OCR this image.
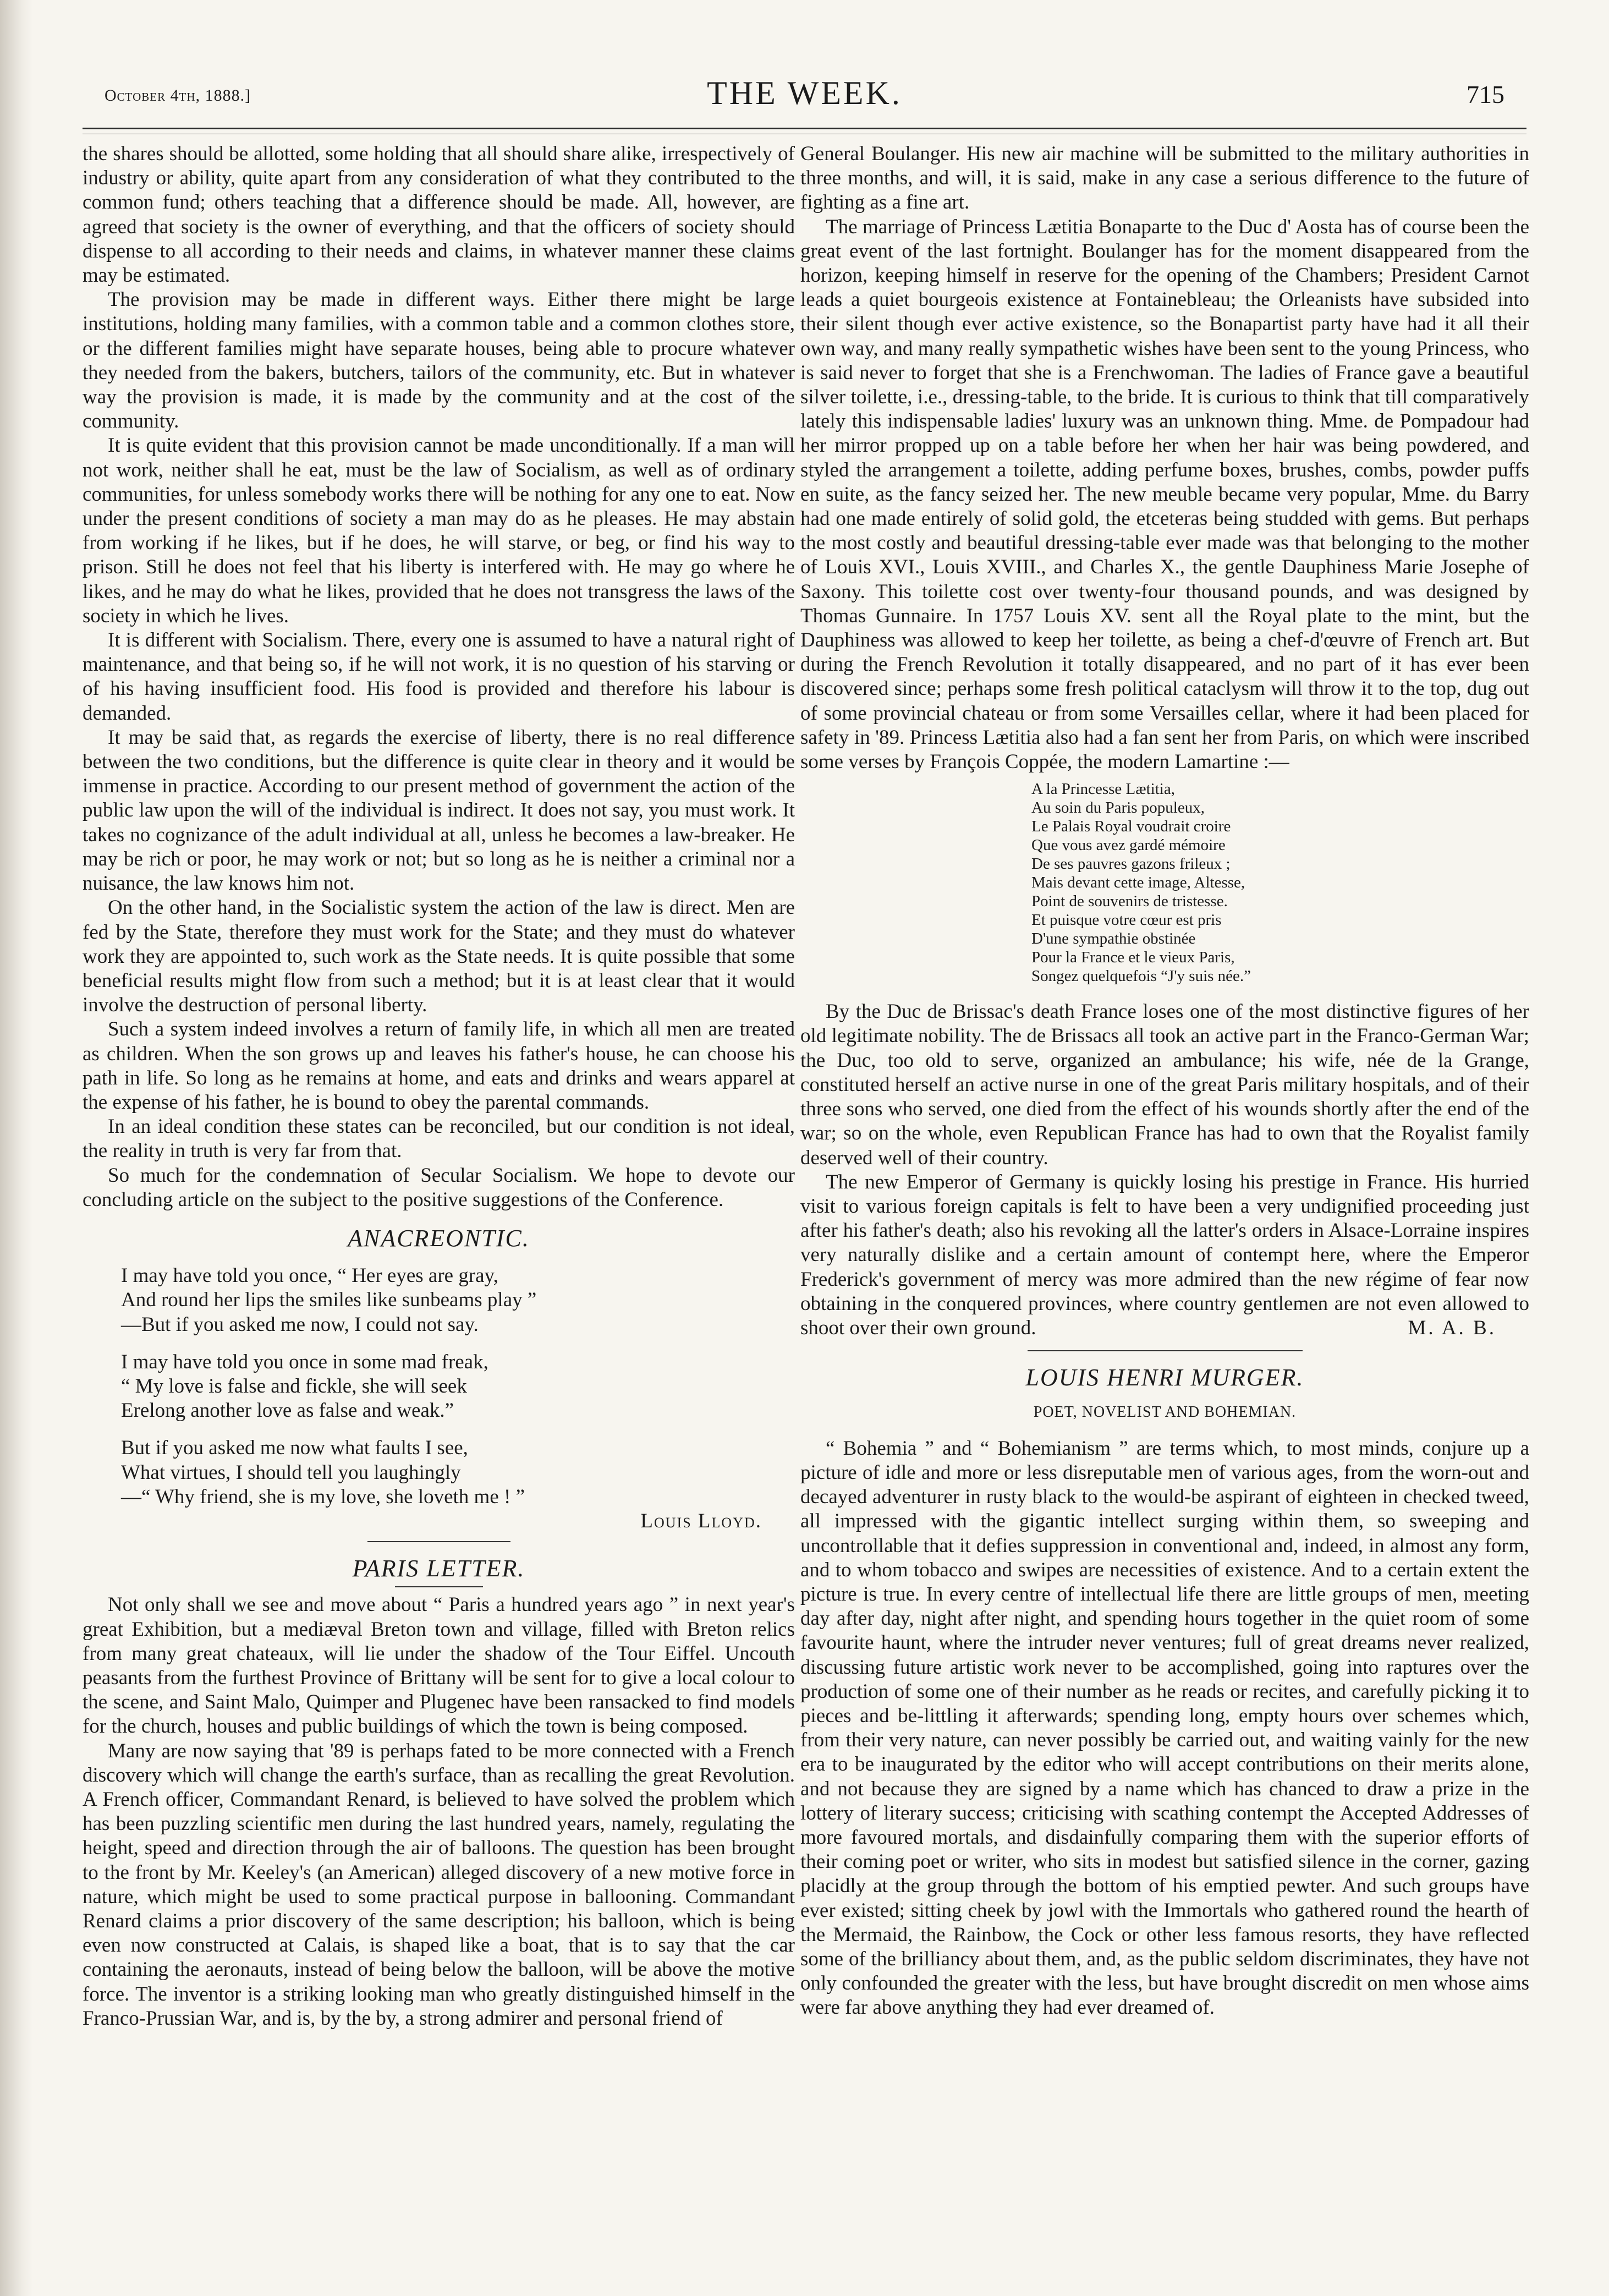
October 4th, 1888.]	THE WEEK.	715

the shares should be allotted, some holding that all should share alike, irrespectively of industry or ability, quite apart from any consideration of what they contributed to the common fund; others teaching that a difference should be made. All, however, are agreed that society is the owner of everything, and that the officers of society should dispense to all according to their needs and claims, in whatever manner these claims may be estimated.

The provision may be made in different ways. Either there might be large institutions, holding many families, with a common table and a common clothes store, or the different families might have separate houses, being able to procure whatever they needed from the bakers, butchers, tailors of the community, etc. But in whatever way the provision is made, it is made by the community and at the cost of the community.

It is quite evident that this provision cannot be made unconditionally. If a man will not work, neither shall he eat, must be the law of Socialism, as well as of ordinary communities, for unless somebody works there will be nothing for any one to eat. Now under the present conditions of society a man may do as he pleases. He may abstain from working if he likes, but if he does, he will starve, or beg, or find his way to prison. Still he does not feel that his liberty is interfered with. He may go where he likes, and he may do what he likes, provided that he does not transgress the laws of the society in which he lives.

It is different with Socialism. There, every one is assumed to have a natural right of maintenance, and that being so, if he will not work, it is no question of his starving or of his having insufficient food. His food is provided and therefore his labour is demanded.

It may be said that, as regards the exercise of liberty, there is no real difference between the two conditions, but the difference is quite clear in theory and it would be immense in practice. According to our present method of government the action of the public law upon the will of the individual is indirect. It does not say, you must work. It takes no cognizance of the adult individual at all, unless he becomes a law-breaker. He may be rich or poor, he may work or not; but so long as he is neither a criminal nor a nuisance, the law knows him not.

On the other hand, in the Socialistic system the action of the law is direct. Men are fed by the State, therefore they must work for the State; and they must do whatever work they are appointed to, such work as the State needs. It is quite possible that some beneficial results might flow from such a method; but it is at least clear that it would involve the destruction of personal liberty.

Such a system indeed involves a return of family life, in which all men are treated as children. When the son grows up and leaves his father's house, he can choose his path in life. So long as he remains at home, and eats and drinks and wears apparel at the expense of his father, he is bound to obey the parental commands.

In an ideal condition these states can be reconciled, but our condition is not ideal, the reality in truth is very far from that.

So much for the condemnation of Secular Socialism. We hope to devote our concluding article on the subject to the positive suggestions of the Conference.

ANACREONTIC.
I may have told you once, “ Her eyes are gray,
And round her lips the smiles like sunbeams play ”
—But if you asked me now, I could not say.
I may have told you once in some mad freak,
“ My love is false and fickle, she will seek
Erelong another love as false and weak.”
But if you asked me now what faults I see,
What virtues, I should tell you laughingly
—“ Why friend, she is my love, she loveth me ! ”
Louis Lloyd.
PARIS LETTER.

Not only shall we see and move about “ Paris a hundred years ago ” in next year's great Exhibition, but a mediæval Breton town and village, filled with Breton relics from many great chateaux, will lie under the shadow of the Tour Eiffel. Uncouth peasants from the furthest Province of Brittany will be sent for to give a local colour to the scene, and Saint Malo, Quimper and Plugenec have been ransacked to find models for the church, houses and public buildings of which the town is being composed.

Many are now saying that '89 is perhaps fated to be more connected with a French discovery which will change the earth's surface, than as recalling the great Revolution. A French officer, Commandant Renard, is believed to have solved the problem which has been puzzling scientific men during the last hundred years, namely, regulating the height, speed and direction through the air of balloons. The question has been brought to the front by Mr. Keeley's (an American) alleged discovery of a new motive force in nature, which might be used to some practical purpose in ballooning. Commandant Renard claims a prior discovery of the same description; his balloon, which is being even now constructed at Calais, is shaped like a boat, that is to say that the car containing the aeronauts, instead of being below the balloon, will be above the motive force. The inventor is a striking looking man who greatly distinguished himself in the Franco-Prussian War, and is, by the by, a strong admirer and personal friend of

General Boulanger. His new air machine will be submitted to the military authorities in three months, and will, it is said, make in any case a serious difference to the future of fighting as a fine art.

The marriage of Princess Lætitia Bonaparte to the Duc d' Aosta has of course been the great event of the last fortnight. Boulanger has for the moment disappeared from the horizon, keeping himself in reserve for the opening of the Chambers; President Carnot leads a quiet bourgeois existence at Fontainebleau; the Orleanists have subsided into their silent though ever active existence, so the Bonapartist party have had it all their own way, and many really sympathetic wishes have been sent to the young Princess, who is said never to forget that she is a Frenchwoman. The ladies of France gave a beautiful silver toilette, i.e., dressing-table, to the bride. It is curious to think that till comparatively lately this indispensable ladies' luxury was an unknown thing. Mme. de Pompadour had her mirror propped up on a table before her when her hair was being powdered, and styled the arrangement a toilette, adding perfume boxes, brushes, combs, powder puffs en suite, as the fancy seized her. The new meuble became very popular, Mme. du Barry had one made entirely of solid gold, the etceteras being studded with gems. But perhaps the most costly and beautiful dressing-table ever made was that belonging to the mother of Louis XVI., Louis XVIII., and Charles X., the gentle Dauphiness Marie Josephe of Saxony. This toilette cost over twenty-four thousand pounds, and was designed by Thomas Gunnaire. In 1757 Louis XV. sent all the Royal plate to the mint, but the Dauphiness was allowed to keep her toilette, as being a chef-d'œuvre of French art. But during the French Revolution it totally disappeared, and no part of it has ever been discovered since; perhaps some fresh political cataclysm will throw it to the top, dug out of some provincial chateau or from some Versailles cellar, where it had been placed for safety in '89. Princess Lætitia also had a fan sent her from Paris, on which were inscribed some verses by François Coppée, the modern Lamartine :—

A la Princesse Lætitia,
Au soin du Paris populeux,
Le Palais Royal voudrait croire
Que vous avez gardé mémoire
De ses pauvres gazons frileux ;
Mais devant cette image, Altesse,
Point de souvenirs de tristesse.
Et puisque votre cœur est pris
D'une sympathie obstinée
Pour la France et le vieux Paris,
Songez quelquefois “J'y suis née.”

By the Duc de Brissac's death France loses one of the most distinctive figures of her old legitimate nobility. The de Brissacs all took an active part in the Franco-German War; the Duc, too old to serve, organized an ambulance; his wife, née de la Grange, constituted herself an active nurse in one of the great Paris military hospitals, and of their three sons who served, one died from the effect of his wounds shortly after the end of the war; so on the whole, even Republican France has had to own that the Royalist family deserved well of their country.

The new Emperor of Germany is quickly losing his prestige in France. His hurried visit to various foreign capitals is felt to have been a very undignified proceeding just after his father's death; also his revoking all the latter's orders in Alsace-Lorraine inspires very naturally dislike and a certain amount of contempt here, where the Emperor Frederick's government of mercy was more admired than the new régime of fear now obtaining in the conquered provinces, where country gentlemen are not even allowed to shoot over their own ground.	M. A. B.
LOUIS HENRI MURGER.
POET, NOVELIST AND BOHEMIAN.

“ Bohemia ” and “ Bohemianism ” are terms which, to most minds, conjure up a picture of idle and more or less disreputable men of various ages, from the worn-out and decayed adventurer in rusty black to the would-be aspirant of eighteen in checked tweed, all impressed with the gigantic intellect surging within them, so sweeping and uncontrollable that it defies suppression in conventional and, indeed, in almost any form, and to whom tobacco and swipes are necessities of existence. And to a certain extent the picture is true. In every centre of intellectual life there are little groups of men, meeting day after day, night after night, and spending hours together in the quiet room of some favourite haunt, where the intruder never ventures; full of great dreams never realized, discussing future artistic work never to be accomplished, going into raptures over the production of some one of their number as he reads or recites, and carefully picking it to pieces and be-littling it afterwards; spending long, empty hours over schemes which, from their very nature, can never possibly be carried out, and waiting vainly for the new era to be inaugurated by the editor who will accept contributions on their merits alone, and not because they are signed by a name which has chanced to draw a prize in the lottery of literary success; criticising with scathing contempt the Accepted Addresses of more favoured mortals, and disdainfully comparing them with the superior efforts of their coming poet or writer, who sits in modest but satisfied silence in the corner, gazing placidly at the group through the bottom of his emptied pewter. And such groups have ever existed; sitting cheek by jowl with the Immortals who gathered round the hearth of the Mermaid, the Rainbow, the Cock or other less famous resorts, they have reflected some of the brilliancy about them, and, as the public seldom discriminates, they have not only confounded the greater with the less, but have brought discredit on men whose aims were far above anything they had ever dreamed of.
